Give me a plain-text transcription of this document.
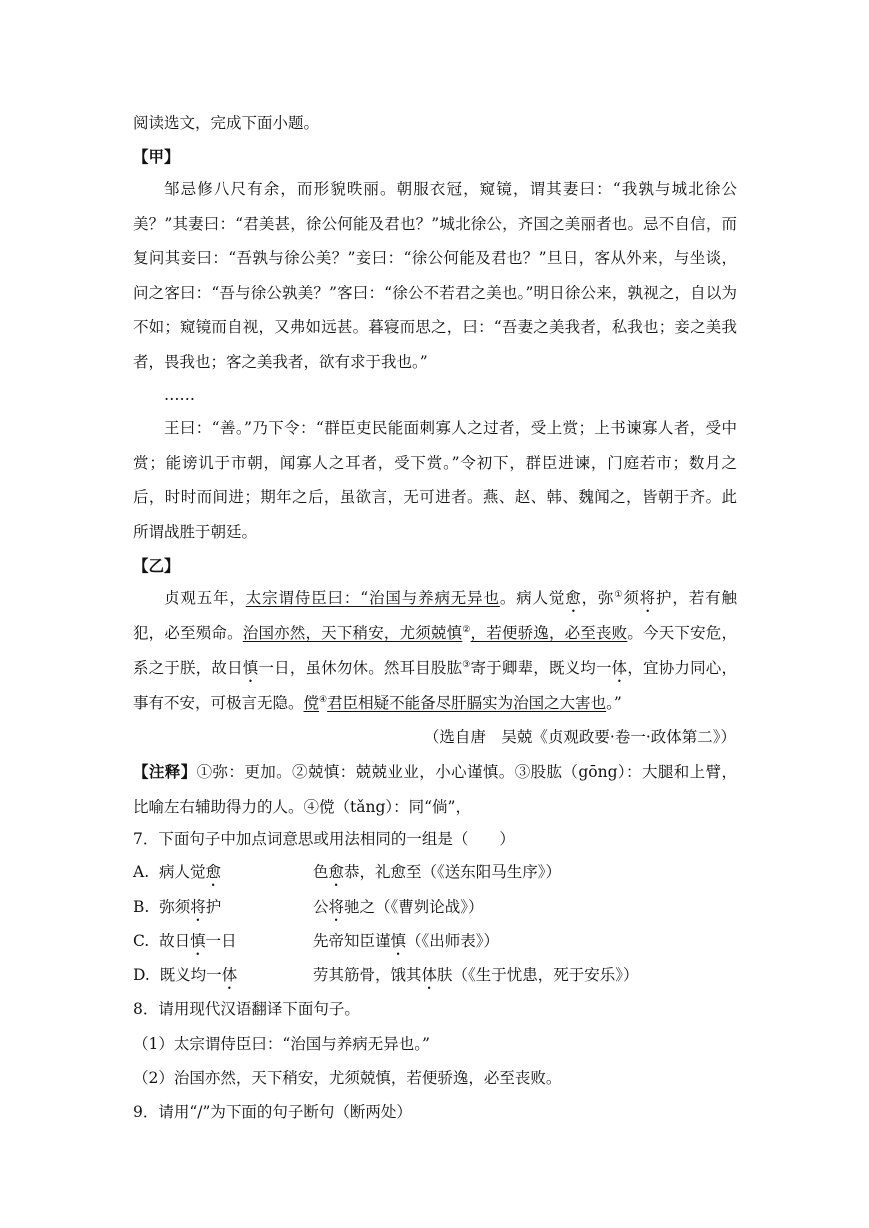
阅读选文，完成下面小题。
【甲】
邹忌修八尺有余，而形貌昳丽。朝服衣冠，窥镜，谓其妻曰：“我孰与城北徐公美？”其妻曰：“君美甚，徐公何能及君也？”城北徐公，齐国之美丽者也。忌不自信，而复问其妾曰：“吾孰与徐公美？”妾曰：“徐公何能及君也？”旦日，客从外来，与坐谈，问之客曰：“吾与徐公孰美？”客曰：“徐公不若君之美也。”明日徐公来，孰视之，自以为不如；窥镜而自视，又弗如远甚。暮寝而思之，曰：“吾妻之美我者，私我也；妾之美我者，畏我也；客之美我者，欲有求于我也。”
……
王曰：“善。”乃下令：“群臣吏民能面刺寡人之过者，受上赏；上书谏寡人者，受中赏；能谤讥于市朝，闻寡人之耳者，受下赏。”令初下，群臣进谏，门庭若市；数月之后，时时而间进；期年之后，虽欲言，无可进者。燕、赵、韩、魏闻之，皆朝于齐。此所谓战胜于朝廷。
【乙】
贞观五年，太宗谓侍臣曰：“治国与养病无异也。病人觉愈，弥①须将护，若有触犯，必至殒命。治国亦然，天下稍安，尤须兢慎②，若便骄逸，必至丧败。今天下安危，系之于朕，故日慎一日，虽休勿休。然耳目股肱③寄于卿辈，既义均一体，宜协力同心，事有不安，可极言无隐。傥④君臣相疑不能备尽肝膈实为治国之大害也。”
（选自唐　吴兢《贞观政要·卷一·政体第二》）
【注释】①弥：更加。②兢慎：兢兢业业，小心谨慎。③股肱（gōng）：大腿和上臂，比喻左右辅助得力的人。④傥（tǎng）：同“倘”，
7．下面句子中加点词意思或用法相同的一组是（　　）
A. 病人觉愈	色愈恭，礼愈至（《送东阳马生序》）
B. 弥须将护	公将驰之（《曹刿论战》）
C. 故日慎一日	先帝知臣谨慎（《出师表》）
D. 既义均一体	劳其筋骨，饿其体肤（《生于忧患，死于安乐》）
8．请用现代汉语翻译下面句子。
（1）太宗谓侍臣曰：“治国与养病无异也。”
（2）治国亦然，天下稍安，尤须兢慎，若便骄逸，必至丧败。
9．请用“/”为下面的句子断句（断两处）
